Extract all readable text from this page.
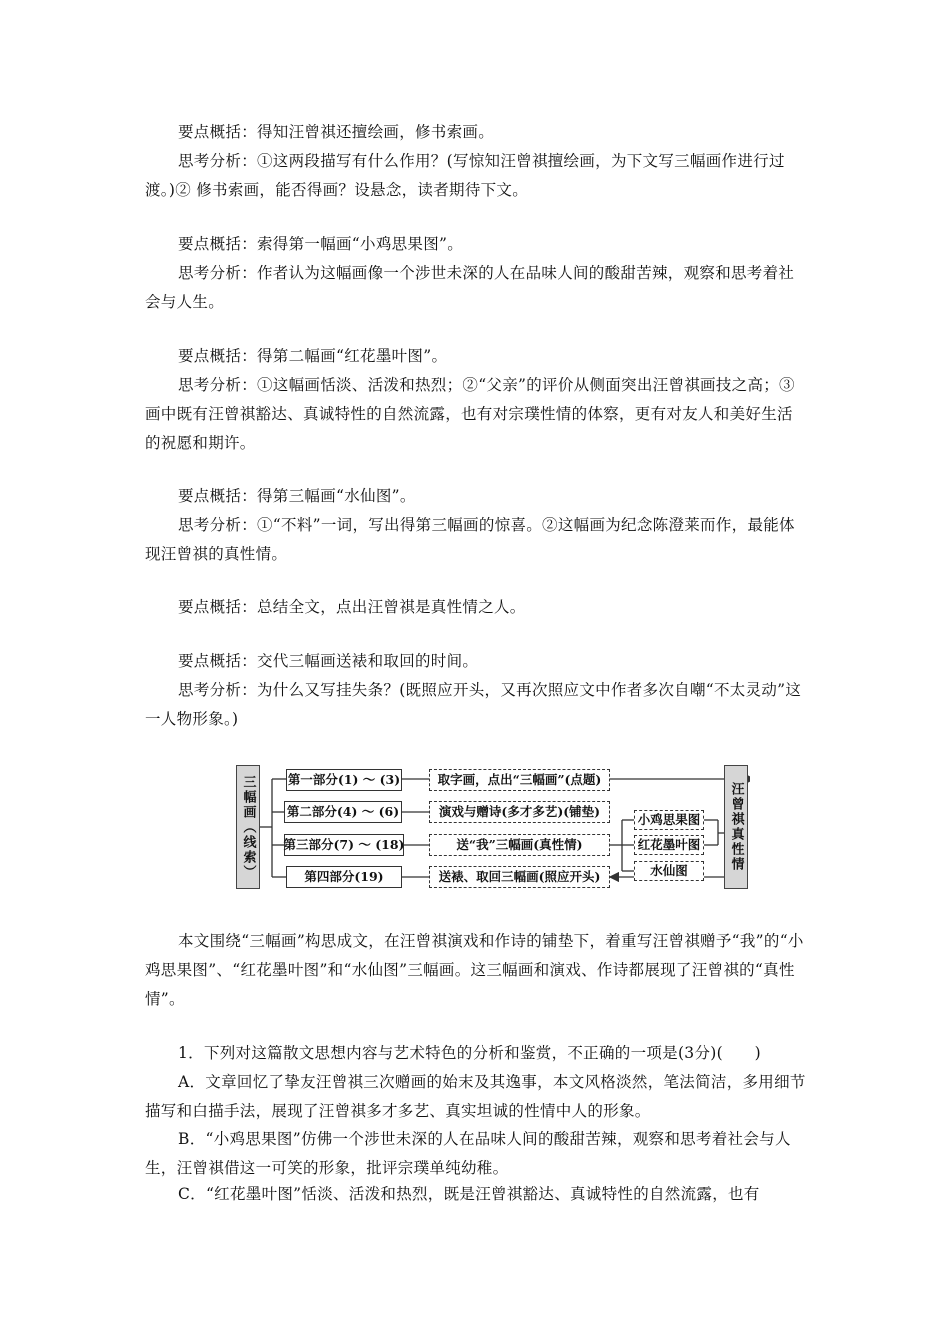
要点概括：得知汪曾祺还擅绘画，修书索画。

思考分析：①这两段描写有什么作用？(写惊知汪曾祺擅绘画，为下文写三幅画作进行过渡。)② 修书索画，能否得画？设悬念，读者期待下文。

要点概括：索得第一幅画“小鸡思果图”。

思考分析：作者认为这幅画像一个涉世未深的人在品味人间的酸甜苦辣，观察和思考着社会与人生。

要点概括：得第二幅画“红花墨叶图”。

思考分析：①这幅画恬淡、活泼和热烈；②“父亲”的评价从侧面突出汪曾祺画技之高；③画中既有汪曾祺豁达、真诚特性的自然流露，也有对宗璞性情的体察，更有对友人和美好生活的祝愿和期许。

要点概括：得第三幅画“水仙图”。

思考分析：①“不料”一词，写出得第三幅画的惊喜。②这幅画为纪念陈澄莱而作，最能体现汪曾祺的真性情。

要点概括：总结全文，点出汪曾祺是真性情之人。

要点概括：交代三幅画送裱和取回的时间。

思考分析：为什么又写挂失条？(既照应开头，又再次照应文中作者多次自嘲“不太灵动”这一人物形象。)

三幅画（线索）	汪曾祺真性情
第一部分(1) ～ (3)
第二部分(4) ～ (6)
第三部分(7) ～ (18)
第四部分(19)
取字画，点出“三幅画”(点题)
演戏与赠诗(多才多艺)(铺垫)
送“我”三幅画(真性情)
送裱、取回三幅画(照应开头)
小鸡思果图
红花墨叶图
水仙图

本文围绕“三幅画”构思成文，在汪曾祺演戏和作诗的铺垫下，着重写汪曾祺赠予“我”的“小鸡思果图”、“红花墨叶图”和“水仙图”三幅画。这三幅画和演戏、作诗都展现了汪曾祺的“真性情”。

1．下列对这篇散文思想内容与艺术特色的分析和鉴赏，不正确的一项是(3分)(　　)

A．文章回忆了挚友汪曾祺三次赠画的始末及其逸事，本文风格淡然，笔法简洁，多用细节描写和白描手法，展现了汪曾祺多才多艺、真实坦诚的性情中人的形象。

B．“小鸡思果图”仿佛一个涉世未深的人在品味人间的酸甜苦辣，观察和思考着社会与人生，汪曾祺借这一可笑的形象，批评宗璞单纯幼稚。

C．“红花墨叶图”恬淡、活泼和热烈，既是汪曾祺豁达、真诚特性的自然流露，也有
